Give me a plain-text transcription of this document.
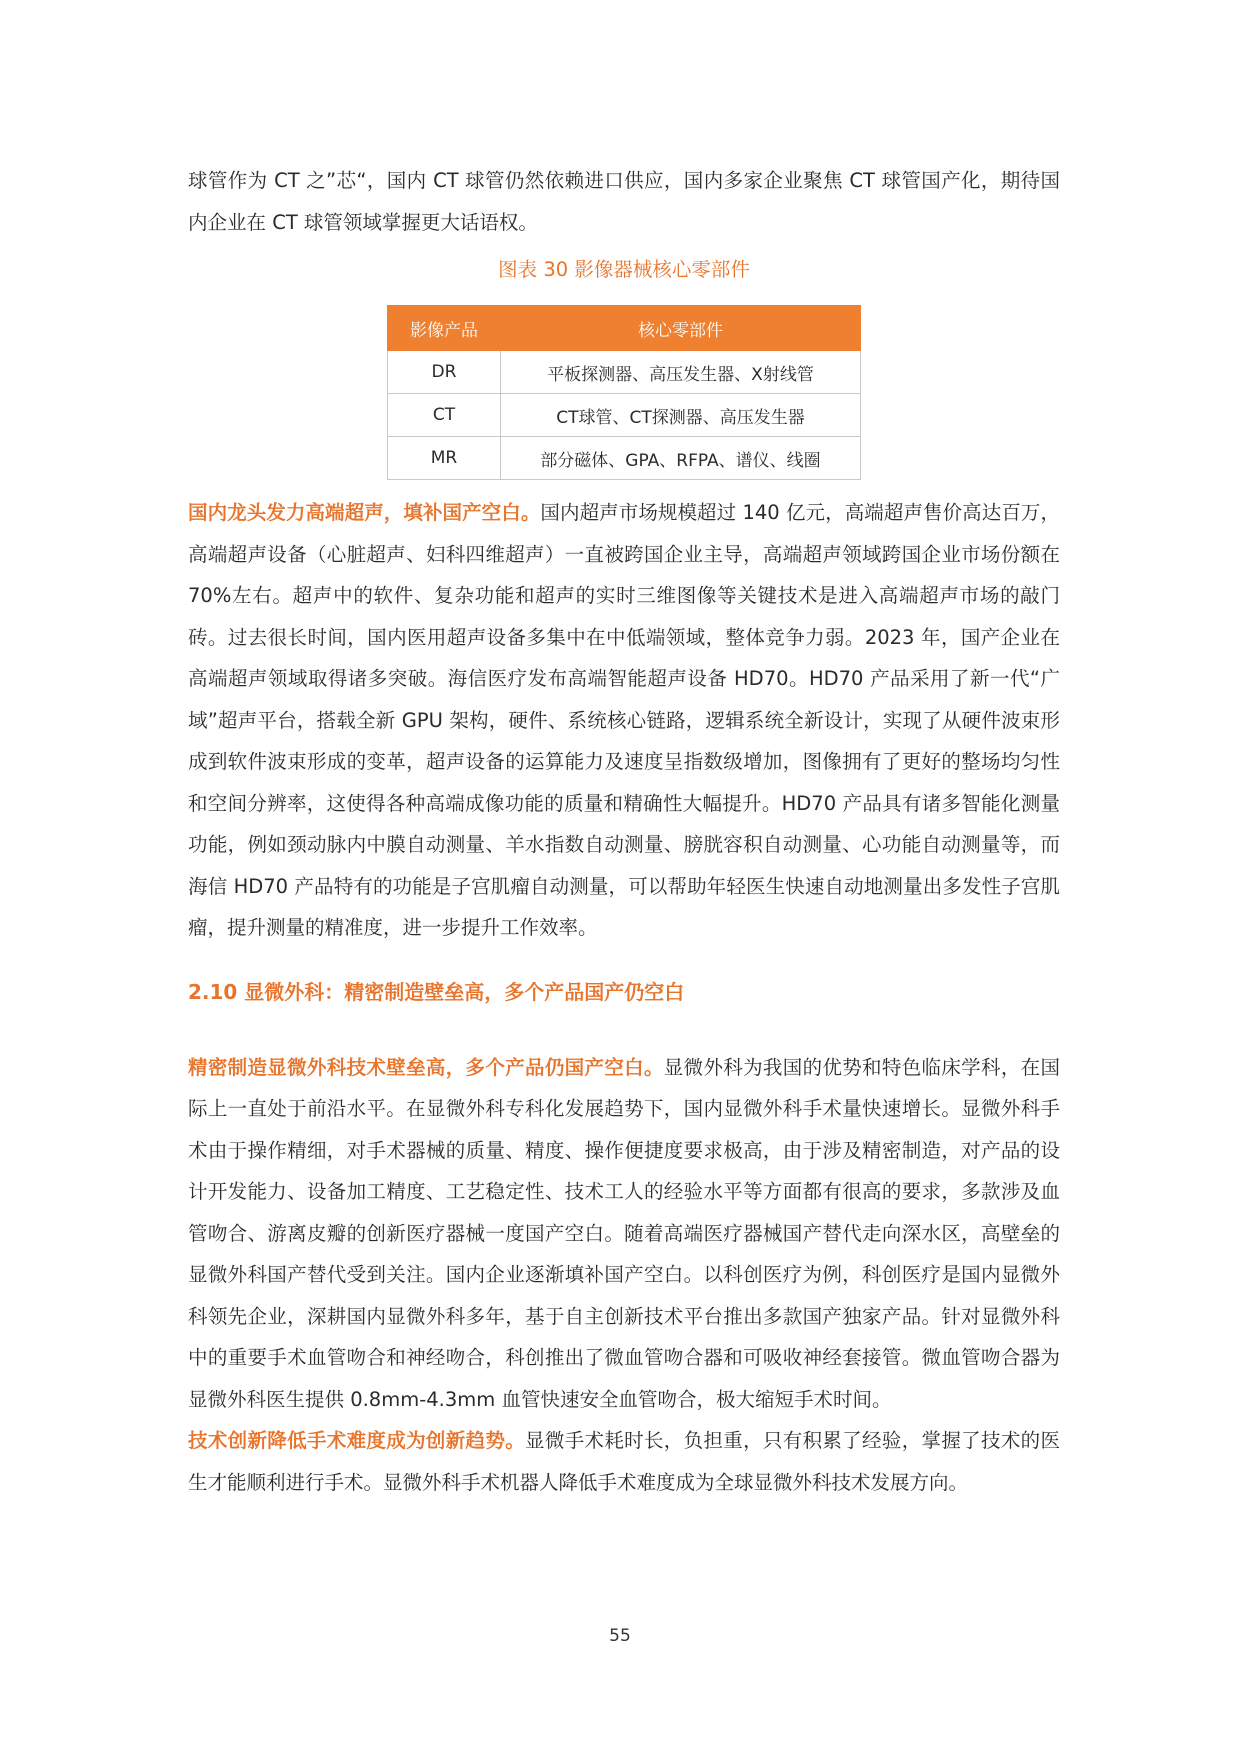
球管作为 CT 之”芯“，国内 CT 球管仍然依赖进口供应，国内多家企业聚焦 CT 球管国产化，期待国内企业在 CT 球管领域掌握更大话语权。

图表 30 影像器械核心零部件
影像产品	核心零部件
DR	平板探测器、高压发生器、X射线管
CT	CT球管、CT探测器、高压发生器
MR	部分磁体、GPA、RFPA、谱仪、线圈

国内龙头发力高端超声，填补国产空白。国内超声市场规模超过 140 亿元，高端超声售价高达百万，高端超声设备（心脏超声、妇科四维超声）一直被跨国企业主导，高端超声领域跨国企业市场份额在 70%左右。超声中的软件、复杂功能和超声的实时三维图像等关键技术是进入高端超声市场的敲门砖。过去很长时间，国内医用超声设备多集中在中低端领域，整体竞争力弱。2023 年，国产企业在高端超声领域取得诸多突破。海信医疗发布高端智能超声设备 HD70。HD70 产品采用了新一代“广域”超声平台，搭载全新 GPU 架构，硬件、系统核心链路，逻辑系统全新设计，实现了从硬件波束形成到软件波束形成的变革，超声设备的运算能力及速度呈指数级增加，图像拥有了更好的整场均匀性和空间分辨率，这使得各种高端成像功能的质量和精确性大幅提升。HD70 产品具有诸多智能化测量功能，例如颈动脉内中膜自动测量、羊水指数自动测量、膀胱容积自动测量、心功能自动测量等，而海信 HD70 产品特有的功能是子宫肌瘤自动测量，可以帮助年轻医生快速自动地测量出多发性子宫肌瘤，提升测量的精准度，进一步提升工作效率。

2.10 显微外科：精密制造壁垒高，多个产品国产仍空白

精密制造显微外科技术壁垒高，多个产品仍国产空白。显微外科为我国的优势和特色临床学科，在国际上一直处于前沿水平。在显微外科专科化发展趋势下，国内显微外科手术量快速增长。显微外科手术由于操作精细，对手术器械的质量、精度、操作便捷度要求极高，由于涉及精密制造，对产品的设计开发能力、设备加工精度、工艺稳定性、技术工人的经验水平等方面都有很高的要求，多款涉及血管吻合、游离皮瓣的创新医疗器械一度国产空白。随着高端医疗器械国产替代走向深水区，高壁垒的显微外科国产替代受到关注。国内企业逐渐填补国产空白。以科创医疗为例，科创医疗是国内显微外科领先企业，深耕国内显微外科多年，基于自主创新技术平台推出多款国产独家产品。针对显微外科中的重要手术血管吻合和神经吻合，科创推出了微血管吻合器和可吸收神经套接管。微血管吻合器为显微外科医生提供 0.8mm-4.3mm 血管快速安全血管吻合，极大缩短手术时间。

技术创新降低手术难度成为创新趋势。显微手术耗时长，负担重，只有积累了经验，掌握了技术的医生才能顺利进行手术。显微外科手术机器人降低手术难度成为全球显微外科技术发展方向。

55
